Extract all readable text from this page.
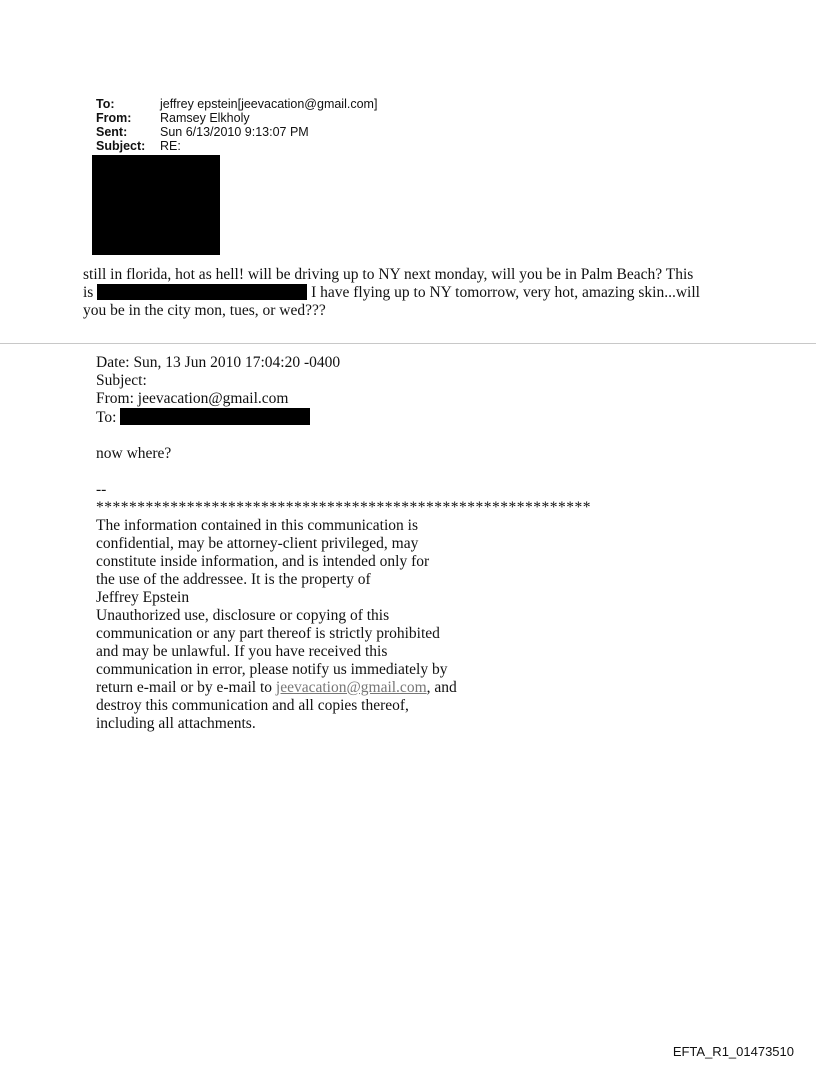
To:	jeffrey epstein[jeevacation@gmail.com]
From:	Ramsey Elkholy
Sent:	Sun 6/13/2010 9:13:07 PM
Subject:	RE:
still in florida, hot as hell! will be driving up to NY next monday, will you be in Palm Beach? This
is	I have flying up to NY tomorrow, very hot, amazing skin...will
you be in the city mon, tues, or wed???

Date: Sun, 13 Jun 2010 17:04:20 -0400

Subject:

From: jeevacation@gmail.com

To:

now where?

--

************************************************************

The information contained in this communication is

confidential, may be attorney-client privileged, may

constitute inside information, and is intended only for

the use of the addressee. It is the property of

Jeffrey Epstein

Unauthorized use, disclosure or copying of this

communication or any part thereof is strictly prohibited

and may be unlawful. If you have received this

communication in error, please notify us immediately by

return e-mail or by e-mail to jeevacation@gmail.com, and

destroy this communication and all copies thereof,

including all attachments.

EFTA_R1_01473510
